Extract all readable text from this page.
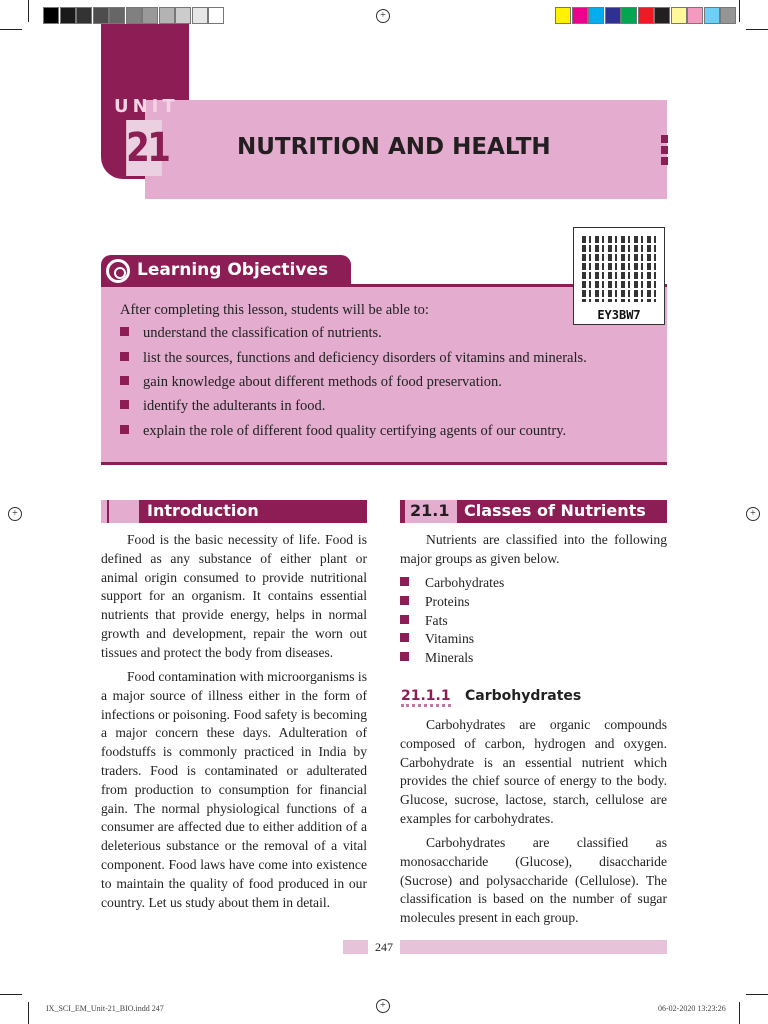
+
+	+
+
UNIT
21	NUTRITION AND HEALTH
Learning Objectives
After completing this lesson, students will be able to:
understand the classification of nutrients.
list the sources, functions and deficiency disorders of vitamins and minerals.
gain knowledge about different methods of food preservation.
identify the adulterants in food.
explain the role of different food quality certifying agents of our country.
EY3BW7
Introduction
Food is the basic necessity of life. Food is defined as any substance of either plant or animal origin consumed to provide nutritional support for an organism. It contains essential nutrients that provide energy, helps in normal growth and development, repair the worn out tissues and protect the body from diseases.
Food contamination with microorganisms is a major source of illness either in the form of infections or poisoning. Food safety is becoming a major concern these days. Adulteration of foodstuffs is commonly practiced in India by traders. Food is contaminated or adulterated from production to consumption for financial gain. The normal physiological functions of a consumer are affected due to either addition of a deleterious substance or the removal of a vital component. Food laws have come into existence to maintain the quality of food produced in our country. Let us study about them in detail.
21.1 Classes of Nutrients
Nutrients are classified into the following major groups as given below.
Carbohydrates
Proteins
Fats
Vitamins
Minerals
21.1.1 Carbohydrates
Carbohydrates are organic compounds composed of carbon, hydrogen and oxygen. Carbohydrate is an essential nutrient which provides the chief source of energy to the body. Glucose, sucrose, lactose, starch, cellulose are examples for carbohydrates.
Carbohydrates are classified as monosaccharide (Glucose), disaccharide (Sucrose) and polysaccharide (Cellulose). The classification is based on the number of sugar molecules present in each group.
247
IX_SCI_EM_Unit-21_BIO.indd 247	06-02-2020 13:23:26
